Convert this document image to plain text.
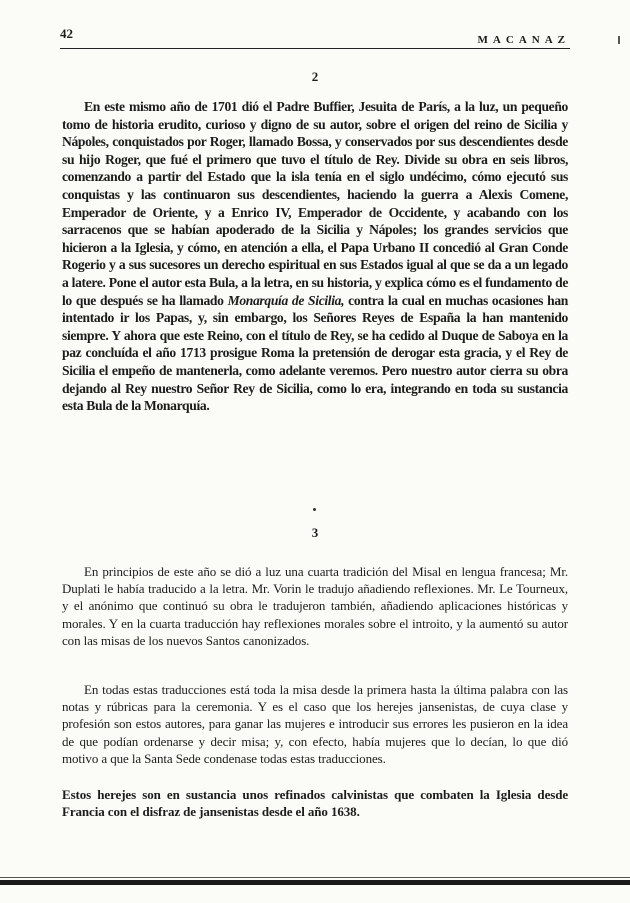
42	MACANAZ
2

En este mismo año de 1701 dió el Padre Buffier, Jesuita de París, a la luz, un pequeño tomo de historia erudito, curioso y digno de su autor, sobre el origen del reino de Sicilia y Nápoles, conquistados por Roger, llamado Bossa, y conservados por sus descendientes desde su hijo Roger, que fué el primero que tuvo el título de Rey. Divide su obra en seis libros, comenzando a partir del Estado que la isla tenía en el siglo undécimo, cómo ejecutó sus conquistas y las continuaron sus descendientes, haciendo la guerra a Alexis Comene, Emperador de Oriente, y a Enrico IV, Emperador de Occidente, y acabando con los sarracenos que se habían apoderado de la Sicilia y Nápoles; los grandes servicios que hicieron a la Iglesia, y cómo, en atención a ella, el Papa Urbano II concedió al Gran Conde Rogerio y a sus sucesores un derecho espiritual en sus Estados igual al que se da a un legado a latere. Pone el autor esta Bula, a la letra, en su historia, y explica cómo es el fundamento de lo que después se ha llamado Monarquía de Sicilia, contra la cual en muchas ocasiones han intentado ir los Papas, y, sin embargo, los Señores Reyes de España la han mantenido siempre. Y ahora que este Reino, con el título de Rey, se ha cedido al Duque de Saboya en la paz concluída el año 1713 prosigue Roma la pretensión de derogar esta gracia, y el Rey de Sicilia el empeño de mantenerla, como adelante veremos. Pero nuestro autor cierra su obra dejando al Rey nuestro Señor Rey de Sicilia, como lo era, integrando en toda su sustancia esta Bula de la Monarquía.

3

En principios de este año se dió a luz una cuarta tradición del Misal en lengua francesa; Mr. Duplati le había traducido a la letra. Mr. Vorin le tradujo añadiendo reflexiones. Mr. Le Tourneux, y el anónimo que continuó su obra le tradujeron también, añadiendo aplicaciones históricas y morales. Y en la cuarta traducción hay reflexiones morales sobre el introito, y la aumentó su autor con las misas de los nuevos Santos canonizados.

En todas estas traducciones está toda la misa desde la primera hasta la última palabra con las notas y rúbricas para la ceremonia. Y es el caso que los herejes jansenistas, de cuya clase y profesión son estos autores, para ganar las mujeres e introducir sus errores les pusieron en la idea de que podían ordenarse y decir misa; y, con efecto, había mujeres que lo decían, lo que dió motivo a que la Santa Sede condenase todas estas traducciones.

Estos herejes son en sustancia unos refinados calvinistas que combaten la Iglesia desde Francia con el disfraz de jansenistas desde el año 1638.
